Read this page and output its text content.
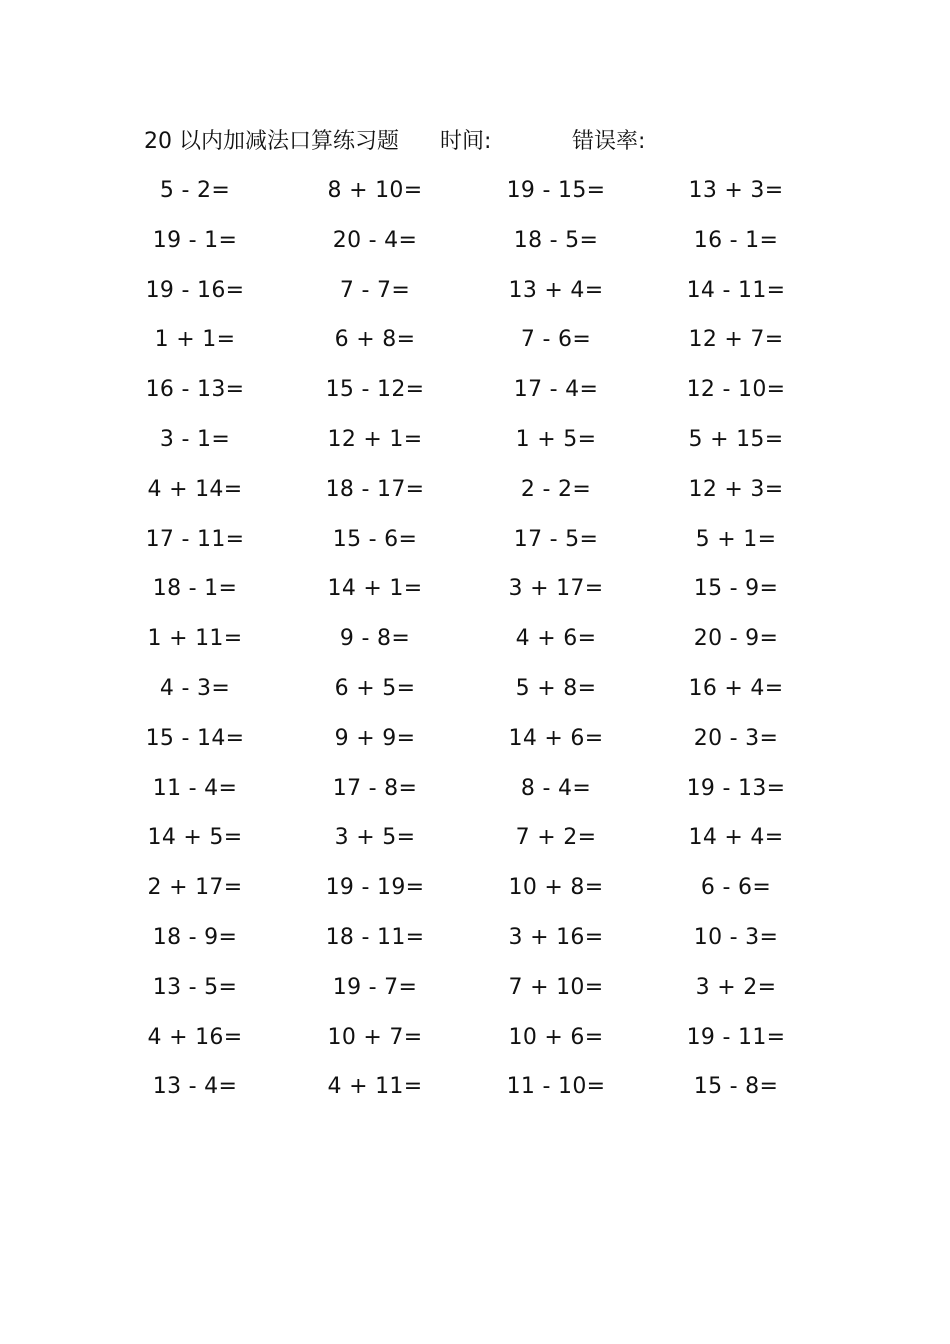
20 以内加减法口算练习题 时间:	错误率:
5 - 2=	8 + 10=	19 - 15=	13 + 3=
19 - 1=	20 - 4=	18 - 5=	16 - 1=
19 - 16=	7 - 7=	13 + 4=	14 - 11=
1 + 1=	6 + 8=	7 - 6=	12 + 7=
16 - 13=	15 - 12=	17 - 4=	12 - 10=
3 - 1=	12 + 1=	1 + 5=	5 + 15=
4 + 14=	18 - 17=	2 - 2=	12 + 3=
17 - 11=	15 - 6=	17 - 5=	5 + 1=
18 - 1=	14 + 1=	3 + 17=	15 - 9=
1 + 11=	9 - 8=	4 + 6=	20 - 9=
4 - 3=	6 + 5=	5 + 8=	16 + 4=
15 - 14=	9 + 9=	14 + 6=	20 - 3=
11 - 4=	17 - 8=	8 - 4=	19 - 13=
14 + 5=	3 + 5=	7 + 2=	14 + 4=
2 + 17=	19 - 19=	10 + 8=	6 - 6=
18 - 9=	18 - 11=	3 + 16=	10 - 3=
13 - 5=	19 - 7=	7 + 10=	3 + 2=
4 + 16=	10 + 7=	10 + 6=	19 - 11=
13 - 4=	4 + 11=	11 - 10=	15 - 8=
